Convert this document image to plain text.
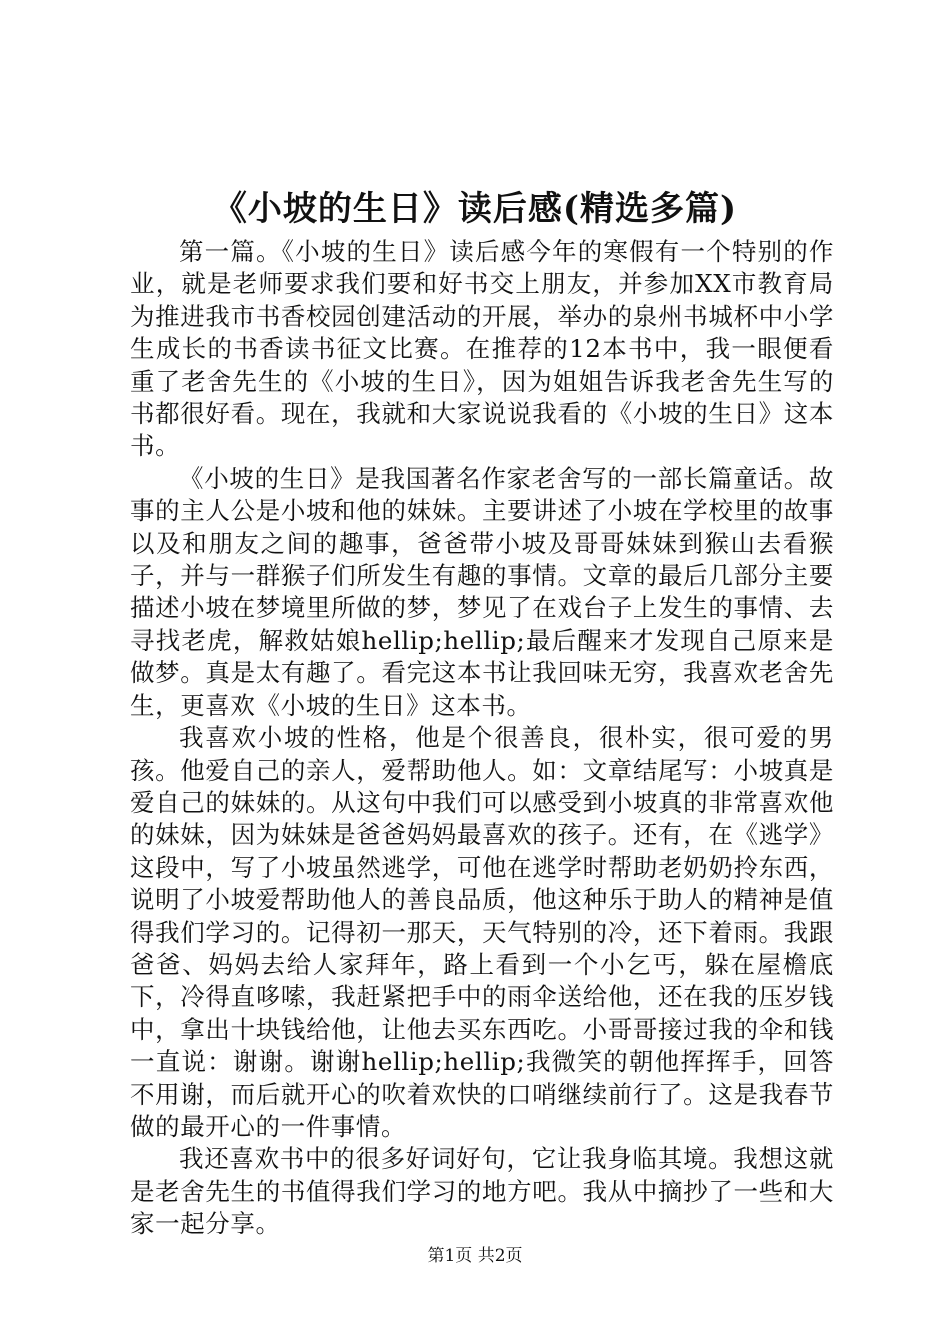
《小坡的生日》读后感(精选多篇)

第一篇。《小坡的生日》读后感今年的寒假有一个特别的作业，就是老师要求我们要和好书交上朋友，并参加XX市教育局为推进我市书香校园创建活动的开展，举办的泉州书城杯中小学生成长的书香读书征文比赛。在推荐的12本书中，我一眼便看重了老舍先生的《小坡的生日》，因为姐姐告诉我老舍先生写的书都很好看。现在，我就和大家说说我看的《小坡的生日》这本书。

《小坡的生日》是我国著名作家老舍写的一部长篇童话。故事的主人公是小坡和他的妹妹。主要讲述了小坡在学校里的故事以及和朋友之间的趣事，爸爸带小坡及哥哥妹妹到猴山去看猴子，并与一群猴子们所发生有趣的事情。文章的最后几部分主要描述小坡在梦境里所做的梦，梦见了在戏台子上发生的事情、去寻找老虎，解救姑娘hellip;hellip;最后醒来才发现自己原来是做梦。真是太有趣了。看完这本书让我回味无穷，我喜欢老舍先生，更喜欢《小坡的生日》这本书。

我喜欢小坡的性格，他是个很善良，很朴实，很可爱的男孩。他爱自己的亲人，爱帮助他人。如：文章结尾写：小坡真是爱自己的妹妹的。从这句中我们可以感受到小坡真的非常喜欢他的妹妹，因为妹妹是爸爸妈妈最喜欢的孩子。还有，在《逃学》这段中，写了小坡虽然逃学，可他在逃学时帮助老奶奶拎东西，说明了小坡爱帮助他人的善良品质，他这种乐于助人的精神是值得我们学习的。记得初一那天，天气特别的冷，还下着雨。我跟爸爸、妈妈去给人家拜年，路上看到一个小乞丐，躲在屋檐底下，冷得直哆嗦，我赶紧把手中的雨伞送给他，还在我的压岁钱中，拿出十块钱给他，让他去买东西吃。小哥哥接过我的伞和钱一直说：谢谢。谢谢hellip;hellip;我微笑的朝他挥挥手，回答不用谢，而后就开心的吹着欢快的口哨继续前行了。这是我春节做的最开心的一件事情。

我还喜欢书中的很多好词好句，它让我身临其境。我想这就是老舍先生的书值得我们学习的地方吧。我从中摘抄了一些和大家一起分享。

第1页 共2页
